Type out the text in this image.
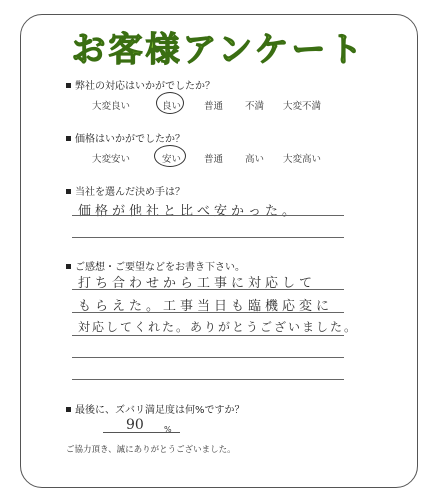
お客様アンケート
弊社の対応はいかがでしたか？
大変良い	良い 普通 不満 大変不満
価格はいかがでしたか？
大変安い	安い 普通 高い 大変高い
当社を選んだ決め手は？
価格が他社と比べ安かった。
ご感想・ご要望などをお書き下さい。
打ち合わせから工事に対応して
もらえた。工事当日も臨機応変に
対応してくれた。ありがとうございました。
最後に、ズバリ満足度は何%ですか？
90	%
ご協力頂き、誠にありがとうございました。
